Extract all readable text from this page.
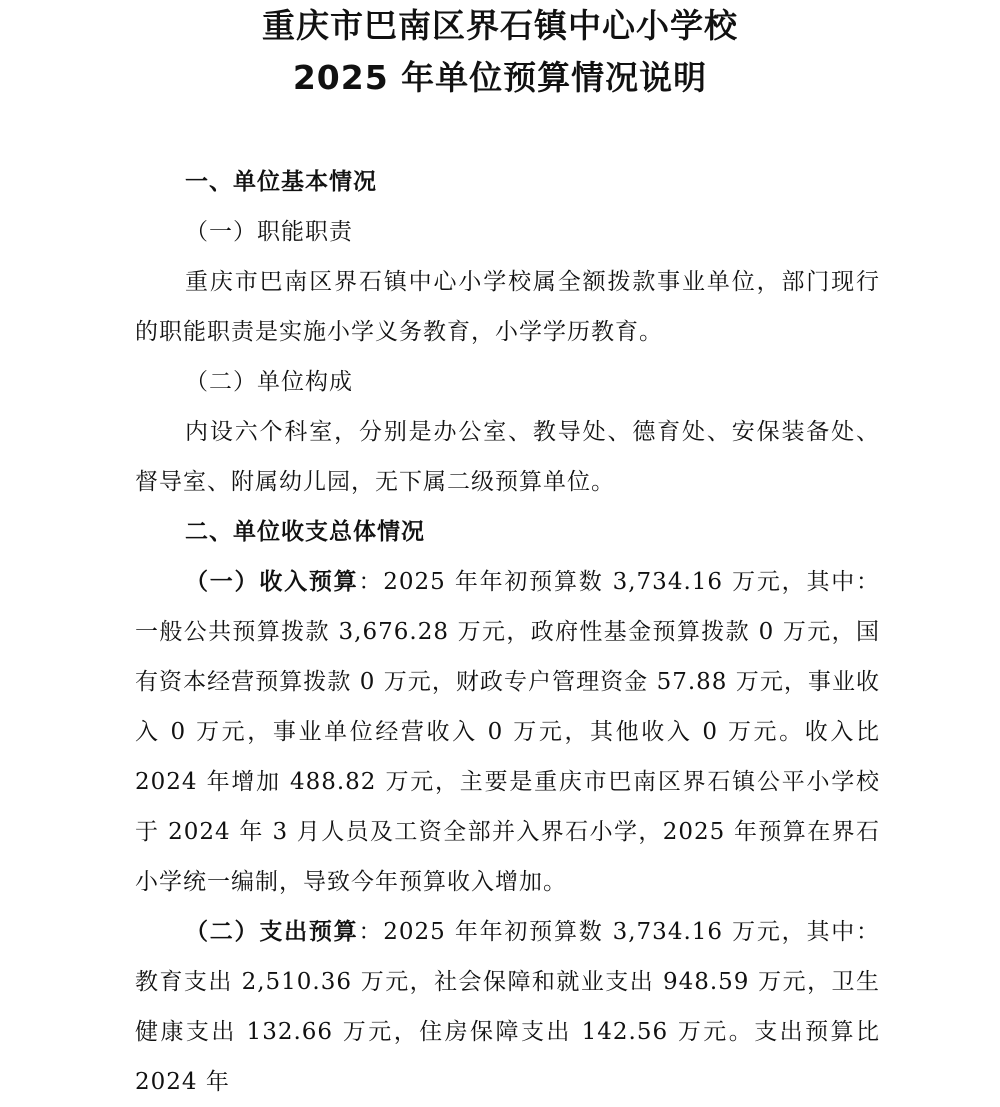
重庆市巴南区界石镇中心小学校
2025 年单位预算情况说明
一、单位基本情况
（一）职能职责
重庆市巴南区界石镇中心小学校属全额拨款事业单位，部门现行的职能职责是实施小学义务教育，小学学历教育。
（二）单位构成
内设六个科室，分别是办公室、教导处、德育处、安保装备处、督导室、附属幼儿园，无下属二级预算单位。
二、单位收支总体情况
（一）收入预算：2025 年年初预算数 3,734.16 万元，其中：一般公共预算拨款 3,676.28 万元，政府性基金预算拨款 0 万元，国有资本经营预算拨款 0 万元，财政专户管理资金 57.88 万元，事业收入 0 万元，事业单位经营收入 0 万元，其他收入 0 万元。收入比 2024 年增加 488.82 万元，主要是重庆市巴南区界石镇公平小学校于 2024 年 3 月人员及工资全部并入界石小学，2025 年预算在界石小学统一编制，导致今年预算收入增加。
（二）支出预算：2025 年年初预算数 3,734.16 万元，其中：教育支出 2,510.36 万元，社会保障和就业支出 948.59 万元，卫生健康支出 132.66 万元，住房保障支出 142.56 万元。支出预算比 2024 年
